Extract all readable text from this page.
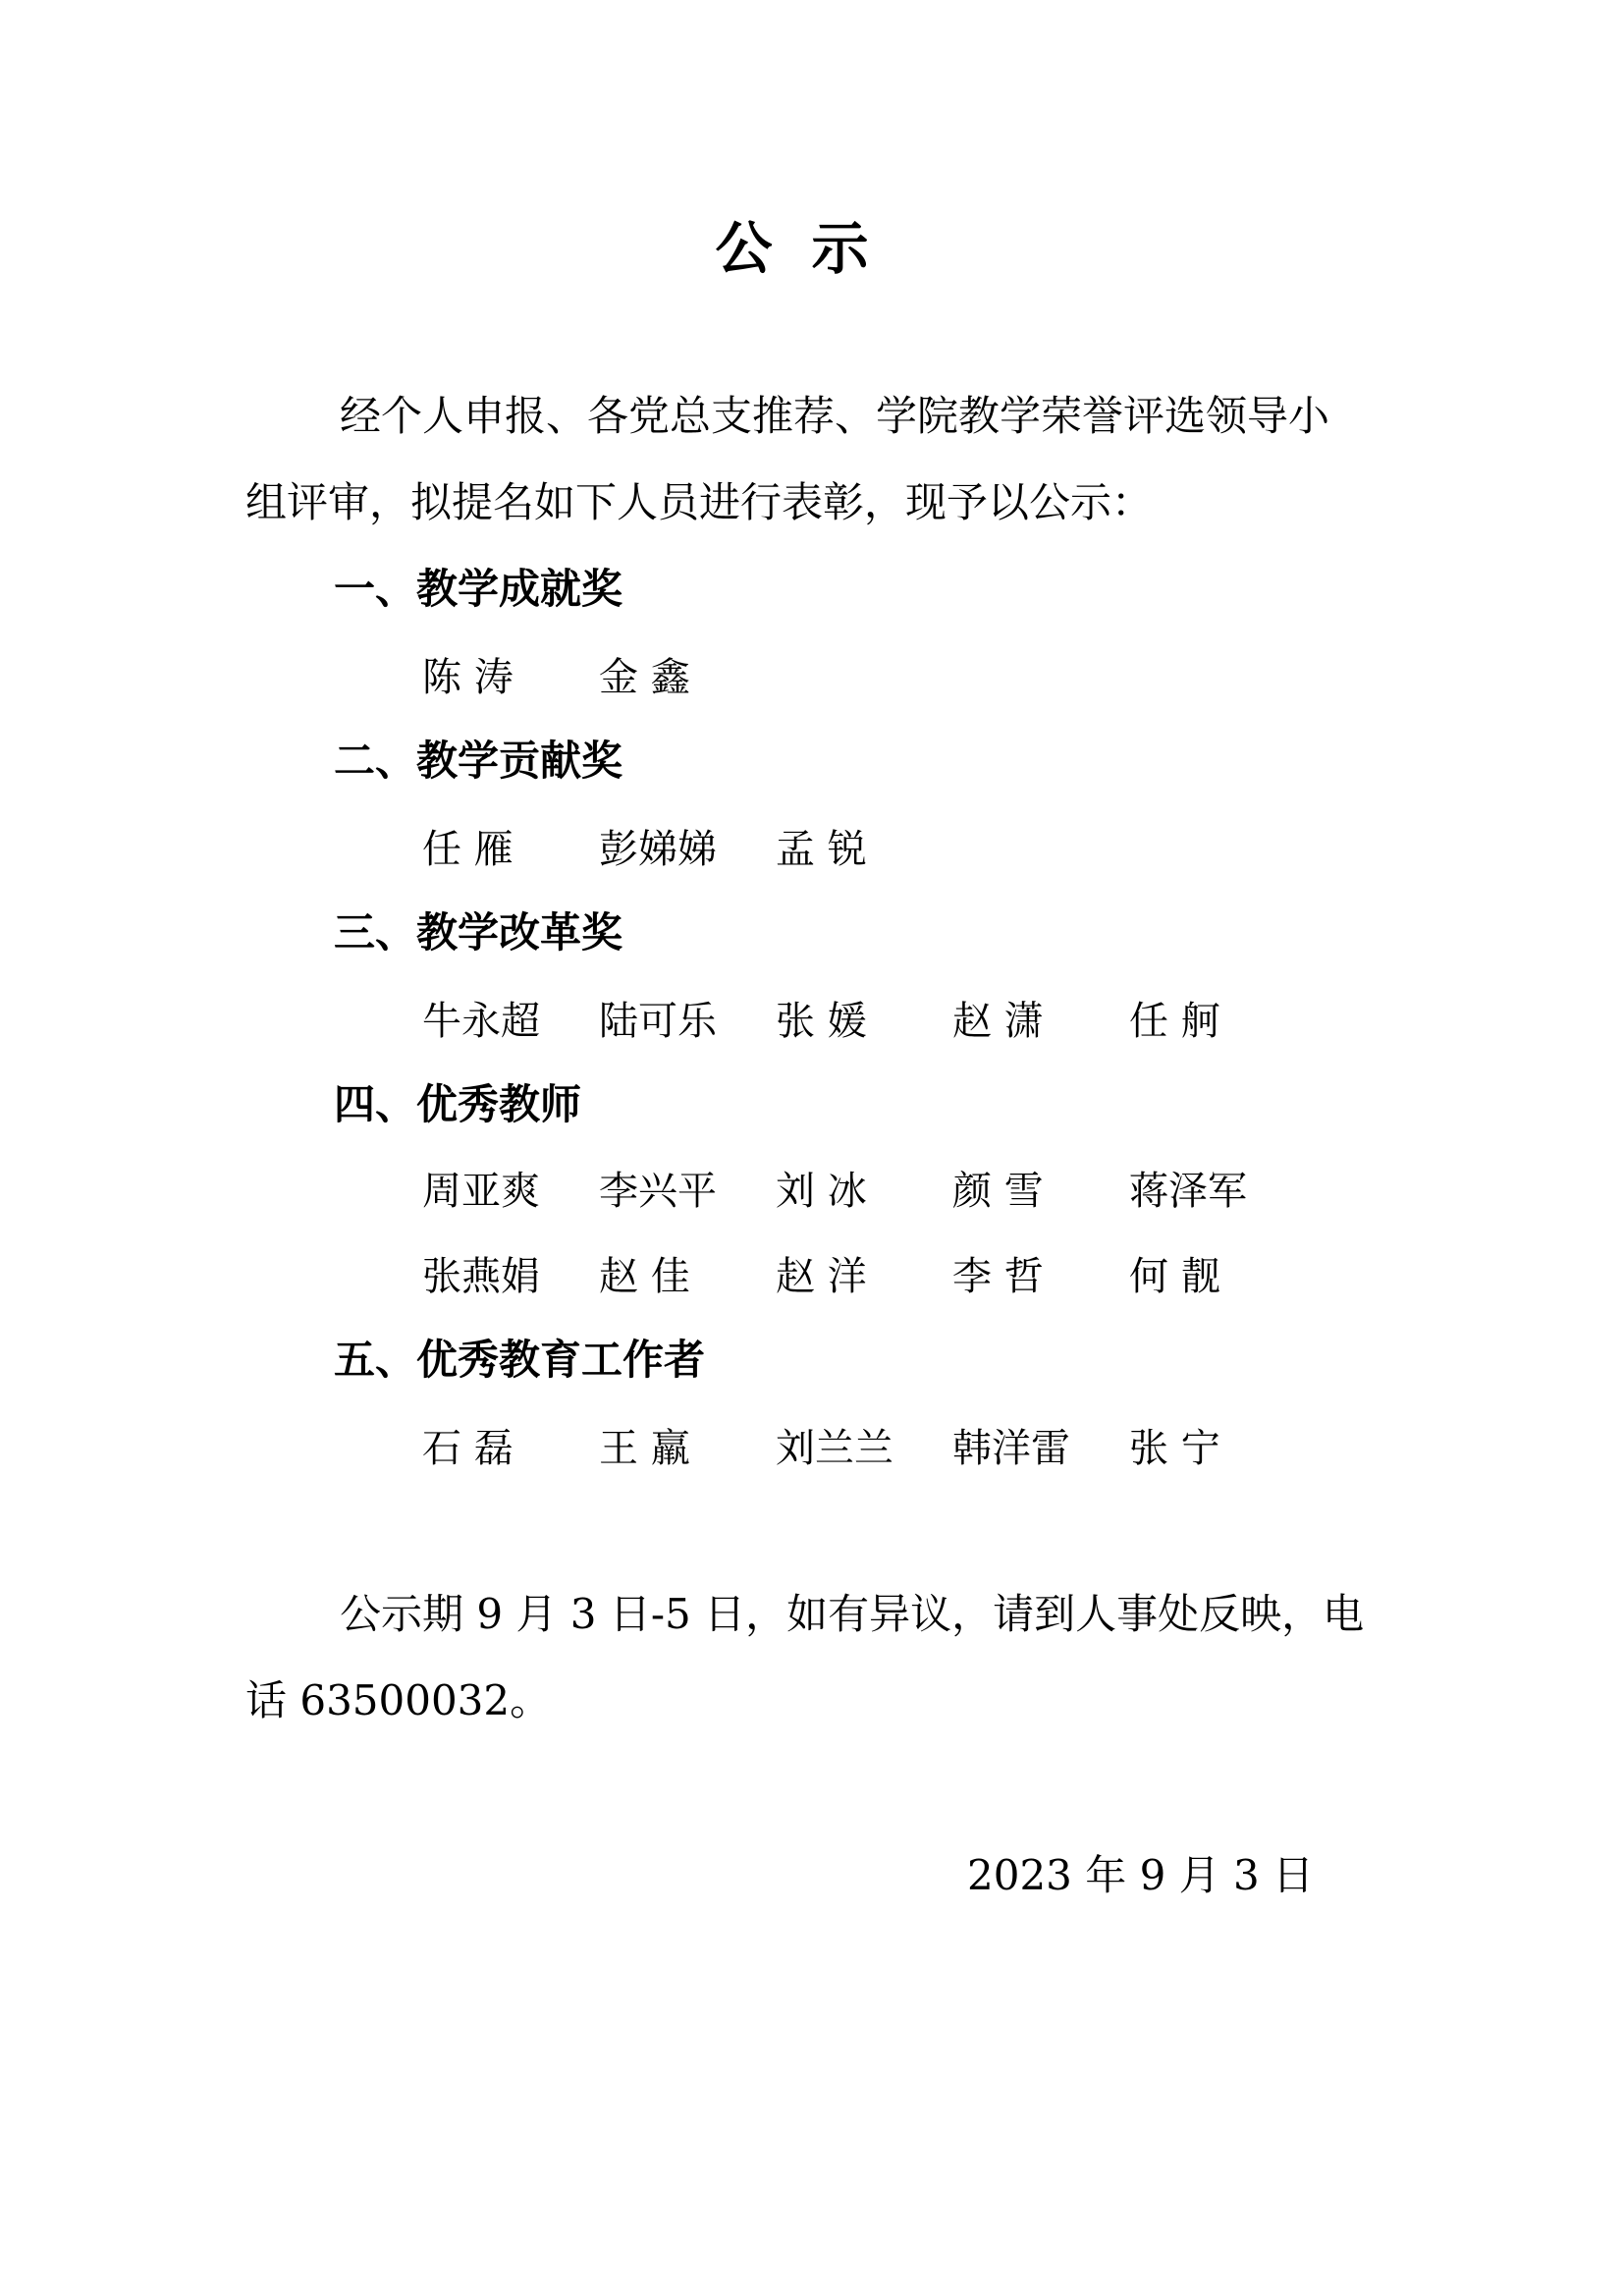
公示
经个人申报、各党总支推荐、学院教学荣誉评选领导小
组评审，拟提名如下人员进行表彰，现予以公示：
一、教学成就奖
陈 涛	金 鑫
二、教学贡献奖
任 雁	彭娣娣 孟 锐
三、教学改革奖
牛永超 陆可乐 张 媛	赵 潇	任 舸
四、优秀教师
周亚爽 李兴平 刘 冰	颜 雪	蒋泽军
张燕娟 赵 佳	赵 洋	李 哲	何 靓
五、优秀教育工作者
石 磊	王 羸	刘兰兰 韩洋雷 张 宁
公示期 9 月 3 日-5 日，如有异议，请到人事处反映，电
话 63500032。
2023 年 9 月 3 日
